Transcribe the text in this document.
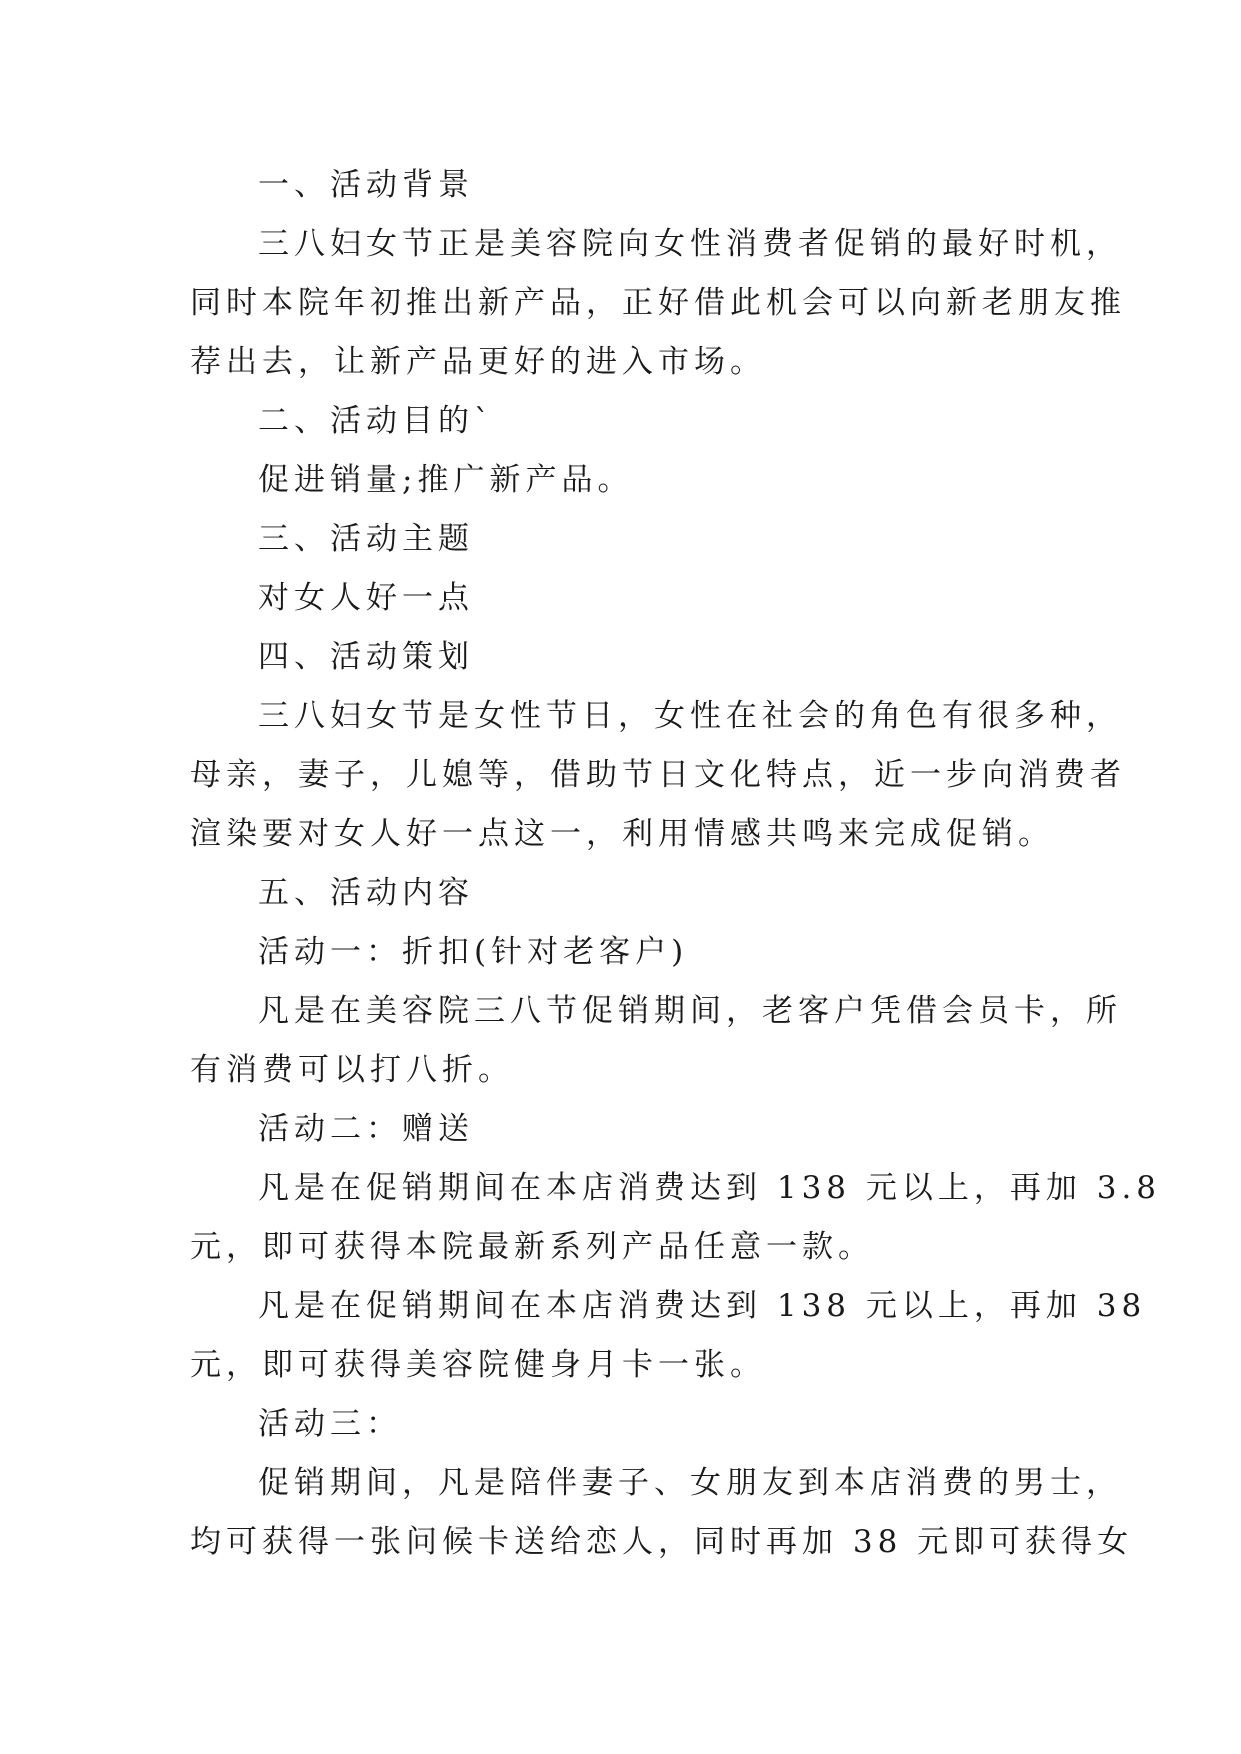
一、活动背景
三八妇女节正是美容院向女性消费者促销的最好时机，
同时本院年初推出新产品，正好借此机会可以向新老朋友推
荐出去，让新产品更好的进入市场。
二、活动目的`
促进销量;推广新产品。
三、活动主题
对女人好一点
四、活动策划
三八妇女节是女性节日，女性在社会的角色有很多种，
母亲，妻子，儿媳等，借助节日文化特点，近一步向消费者
渲染要对女人好一点这一，利用情感共鸣来完成促销。
五、活动内容
活动一：折扣(针对老客户)
凡是在美容院三八节促销期间，老客户凭借会员卡，所
有消费可以打八折。
活动二：赠送
凡是在促销期间在本店消费达到 138 元以上，再加 3.8
元，即可获得本院最新系列产品任意一款。
凡是在促销期间在本店消费达到 138 元以上，再加 38
元，即可获得美容院健身月卡一张。
活动三：
促销期间，凡是陪伴妻子、女朋友到本店消费的男士，
均可获得一张问候卡送给恋人，同时再加 38 元即可获得女
